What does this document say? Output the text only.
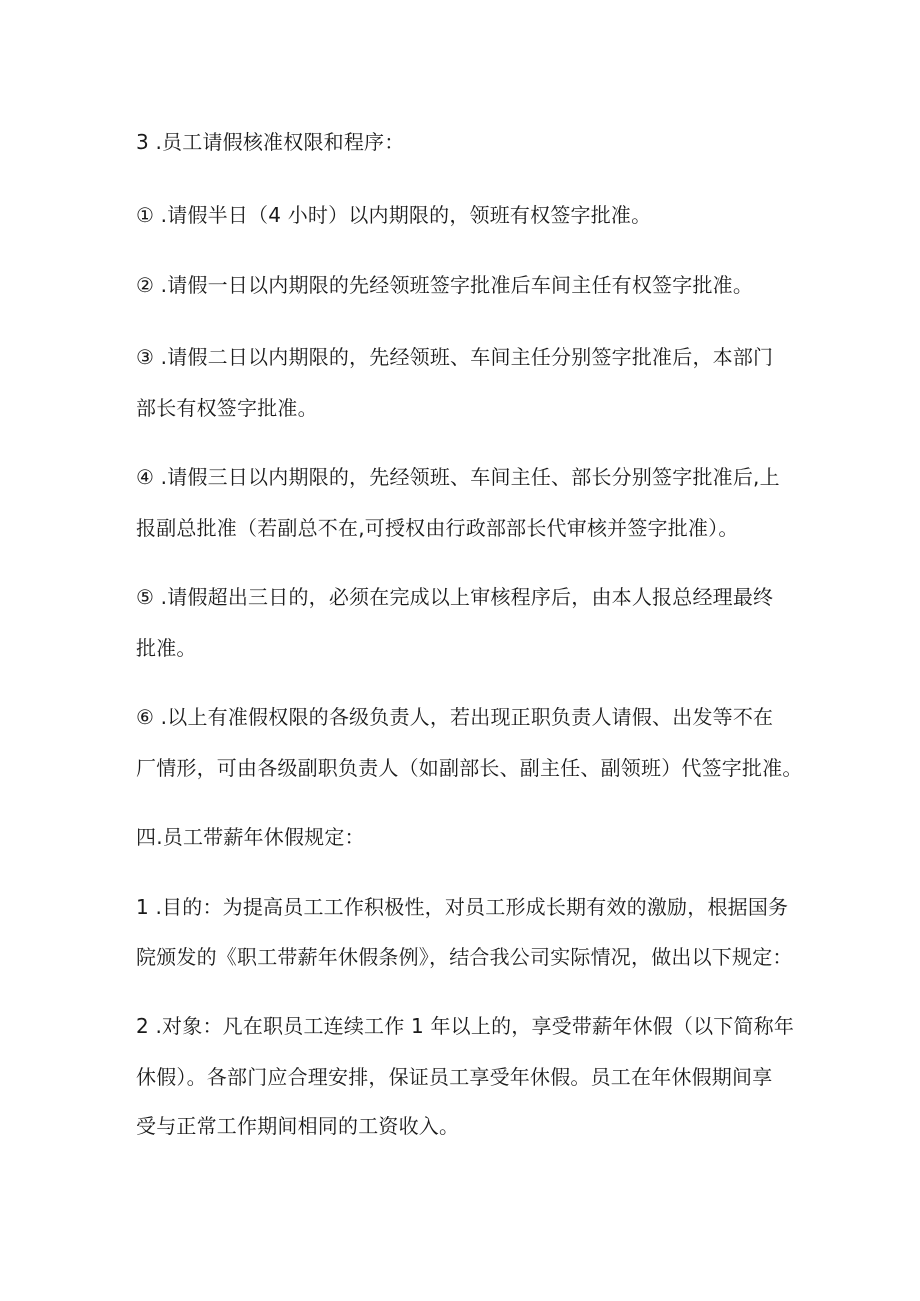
3 .员工请假核准权限和程序：
① .请假半日（4 小时）以内期限的，领班有权签字批准。
② .请假一日以内期限的先经领班签字批准后车间主任有权签字批准。
③ .请假二日以内期限的，先经领班、车间主任分别签字批准后，本部门
部长有权签字批准。
④ .请假三日以内期限的，先经领班、车间主任、部长分别签字批准后,上
报副总批准（若副总不在,可授权由行政部部长代审核并签字批准）。
⑤ .请假超出三日的，必须在完成以上审核程序后，由本人报总经理最终
批准。
⑥ .以上有准假权限的各级负责人，若出现正职负责人请假、出发等不在
厂情形，可由各级副职负责人（如副部长、副主任、副领班）代签字批准。
四.员工带薪年休假规定：
1 .目的：为提高员工工作积极性，对员工形成长期有效的激励，根据国务
院颁发的《职工带薪年休假条例》，结合我公司实际情况，做出以下规定：
2 .对象：凡在职员工连续工作 1 年以上的，享受带薪年休假（以下简称年
休假）。各部门应合理安排，保证员工享受年休假。员工在年休假期间享
受与正常工作期间相同的工资收入。
